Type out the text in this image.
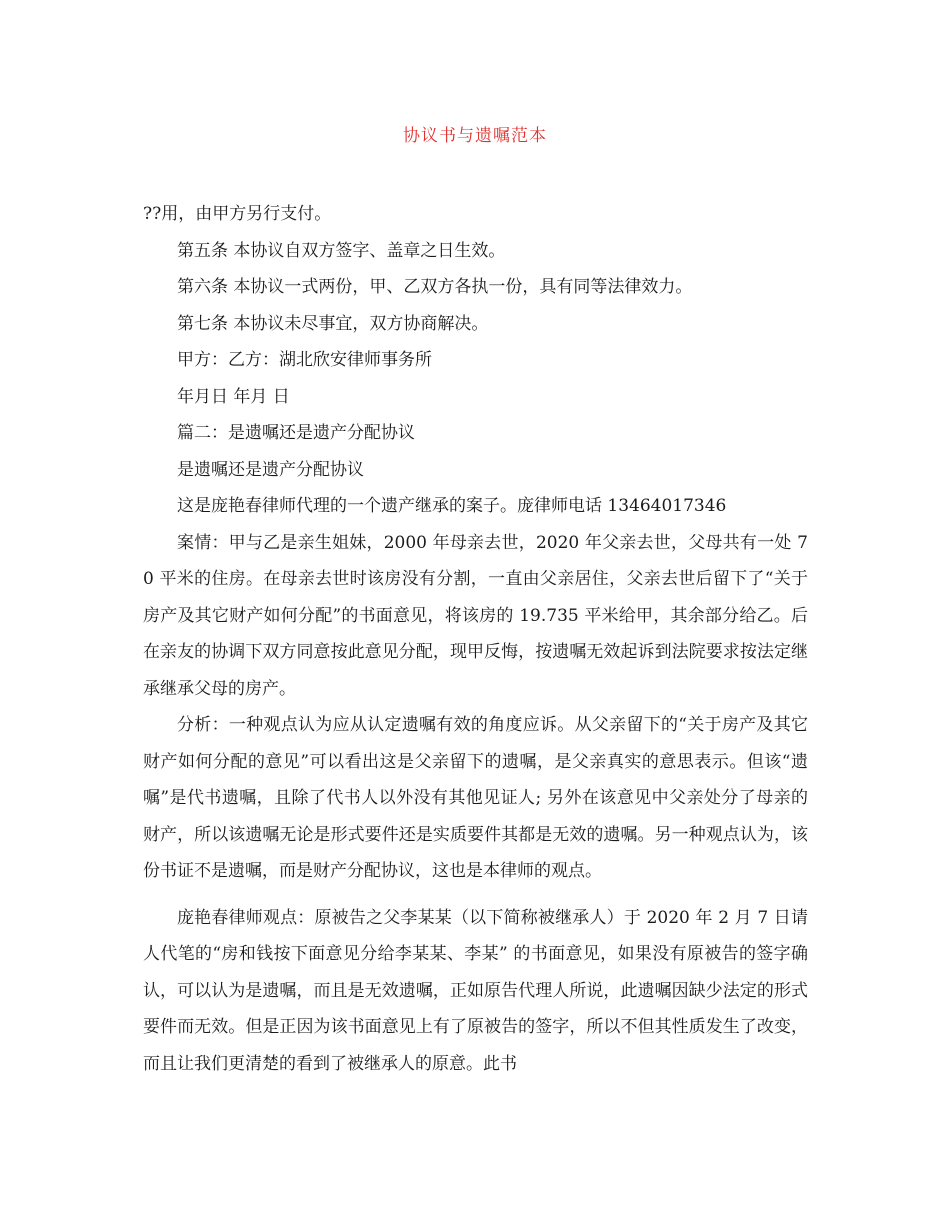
协议书与遗嘱范本

??用，由甲方另行支付。

第五条 本协议自双方签字、盖章之日生效。

第六条 本协议一式两份，甲、乙双方各执一份，具有同等法律效力。

第七条 本协议未尽事宜，双方协商解决。

甲方：乙方：湖北欣安律师事务所

年月日 年月 日

篇二：是遗嘱还是遗产分配协议

是遗嘱还是遗产分配协议

这是庞艳春律师代理的一个遗产继承的案子。庞律师电话 13464017346

案情：甲与乙是亲生姐妹，2000 年母亲去世，2020 年父亲去世，父母共有一处 70 平米的住房。在母亲去世时该房没有分割，一直由父亲居住，父亲去世后留下了“关于房产及其它财产如何分配”的书面意见，将该房的 19.735 平米给甲，其余部分给乙。后在亲友的协调下双方同意按此意见分配，现甲反悔，按遗嘱无效起诉到法院要求按法定继承继承父母的房产。

分析：一种观点认为应从认定遗嘱有效的角度应诉。从父亲留下的“关于房产及其它财产如何分配的意见”可以看出这是父亲留下的遗嘱，是父亲真实的意思表示。但该“遗嘱”是代书遗嘱，且除了代书人以外没有其他见证人; 另外在该意见中父亲处分了母亲的财产，所以该遗嘱无论是形式要件还是实质要件其都是无效的遗嘱。另一种观点认为，该份书证不是遗嘱，而是财产分配协议，这也是本律师的观点。

庞艳春律师观点：原被告之父李某某（以下简称被继承人）于 2020 年 2 月 7 日请人代笔的“房和钱按下面意见分给李某某、李某” 的书面意见，如果没有原被告的签字确认，可以认为是遗嘱，而且是无效遗嘱，正如原告代理人所说，此遗嘱因缺少法定的形式要件而无效。但是正因为该书面意见上有了原被告的签字，所以不但其性质发生了改变，而且让我们更清楚的看到了被继承人的原意。此书
